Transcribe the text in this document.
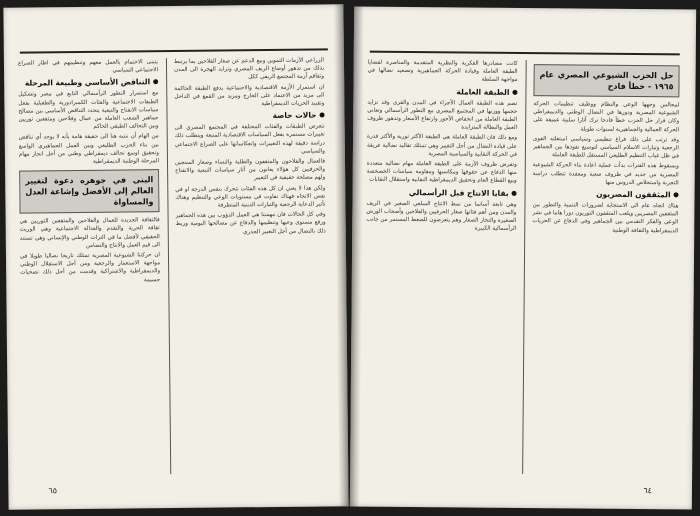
يتبنى الاحتمام بالعمل معهم وتنظيمهم في اطار الصراع الاجتماعي السياسي

التناقض الأساسي وطبيعة المرحلة

مع استمرار التطور الرأسمالي التابع في مصر وتشكيل الطبقات الاجتماعية والفئات الكمبرادورية والطفيلية بفعل سياسات الانفتاح والتبعية يتحدد التناقض الأساسي بين مصالح جماهير الشعب العاملة من عمال وفلاحين ومثقفين ثوريين وبين التحالف الطبقي الحاكم

من الهام أن ننتبه هنا الى حقيقة هامة بأنه لا يوجد أي تناقض بين بناء الحزب الطليعي وبين العمل الجماهيري الواسع وتحقيق اوسع تحالف ديمقراطي وطني من أجل انجاز مهام المرحلة الوطنية الديمقراطية

البنى في جوهره دعوة لتغيير العالم إلى الأفضل وإشاعة العدل والمساواة

فالثقافة الجديدة للعمال والفلاحين والمثقفين الثوريين هي ثقافة الحرية والتقدم والعدالة الاجتماعية وهي الوريث الحقيقي لأفضل ما في التراث الوطني والإنساني وهي تستند الى قيم العمل والانتاج والتضامن

ان حركتنا الشيوعية المصرية تمتلك تاريخا نضاليا طويلا في مواجهة الاستعمار والرجعية ومن أجل الاستقلال الوطني والديمقراطية والاشتراكية وقدمت من أجل ذلك تضحيات جسيمة

الزراعي الأزمات التموين وبيع الدعم عن صغار الفلاحين بما يرتبط بذلك من تدهور أوضاع الريف المصري وتزايد الهجرة الى المدن وتفاقم أزمة المجتمع الريفي ككل

ان استمرار الأزمة الاقتصادية والاجتماعية يدفع الطبقة الحاكمة الى مزيد من الاعتماد على الخارج ومزيد من القمع في الداخل وتقييد الحريات الديمقراطية

حالات خاصة

تتعرض الطبقات والفئات المختلفة في المجتمع المصري الى تغييرات مستمرة بفعل السياسات الاقتصادية المتبعة ويتطلب ذلك دراسة دقيقة لهذه التغييرات وانعكاساتها على الصراع الاجتماعي والسياسي

فالعمال والفلاحون والمثقفون والطلبة والنساء وصغار المنتجين والحرفيين كل هؤلاء يعانون من آثار سياسات التبعية والانفتاح ولهم مصلحة حقيقية في التغيير

ولكن هذا لا يعني ان كل هذه الفئات تتحرك بنفس الدرجة او في نفس الاتجاه فهناك تفاوت في مستويات الوعي والتنظيم وهناك تأثير الدعاية الرجعية والتيارات الدينية المتطرفة

وفي كل الحالات فان مهمتنا هي العمل الدؤوب بين هذه الجماهير ورفع مستوى وعيها وتنظيمها والدفاع عن مصالحها اليومية وربط ذلك بالنضال من أجل التغيير الجذري

٦٥

كانت مصادرها الفكرية والنظرية المتقدمة والمناصرة لقضايا الطبقة العاملة وقيادة الحركة الجماهيرية وتصعيد نضالها في مواجهة السلطة

الطبقة العاملة

تضم هذه الطبقة العمال الأجراء في المدن والقرى وقد تزايد حجمها ووزنها في المجتمع المصري مع التطور الرأسمالي وتعاني الطبقة العاملة من انخفاض الأجور وارتفاع الأسعار وتدهور ظروف العمل والبطالة المتزايدة

ومع ذلك فان الطبقة العاملة هي الطبقة الأكثر ثورية والأكثر قدرة على قيادة النضال من أجل التغيير وهي تمتلك تقاليد نضالية عريقة في الحركة النقابية والسياسية المصرية

وتفرض ظروف الأزمة على الطبقة العاملة مهام نضالية متعددة منها الدفاع عن حقوقها ومكاسبها ومقاومة سياسات الخصخصة وبيع القطاع العام وتحقيق الديمقراطية النقابية واستقلال النقابات

بقايا الانتاج قبل الرأسمالي

وهي تابعة أساسا من نمط الانتاج السلعي الصغير في الريف والمدن ومن أهم فئاتها صغار الحرفيين والفلاحين وأصحاب الورش الصغيرة والتجار الصغار وهم يتعرضون للضغط المستمر من جانب الرأسمالية الكبيرة

حل الحزب الشيوعي المصري عام ١٩٦٥ - خطأ فادح

لمجالس وجهها الوعي والنظام ووظيف تنظيمات الحركة الشيوعية المصرية ودورها في النضال الوطني والديمقراطي وكان قرار حل الحزب خطأ فادحا ترك آثارا سلبية عميقة على الحركة العمالية والجماهيرية لسنوات طويلة

وقد ترتب على ذلك فراغ تنظيمي وسياسي استغلته القوى الرجعية وتيارات الاسلام السياسي لتوسيع نفوذها بين الجماهير في ظل غياب التنظيم الطليعي المستقل للطبقة العاملة

وبسقوط هذه الفترات بدأت عملية اعادة بناء الحركة الشيوعية المصرية من جديد في ظروف صعبة ومعقدة تتطلب دراسة التجربة واستخلاص الدروس منها

المثقفون المصريون

هناك اتجاه عام الى الاستجابة لضرورات التنمية والتطور بين المثقفين المصريين ويلعب المثقفون الثوريون دورا هاما في نشر الوعي والفكر التقدمي بين الجماهير وفي الدفاع عن الحريات الديمقراطية والثقافة الوطنية

٦٤
